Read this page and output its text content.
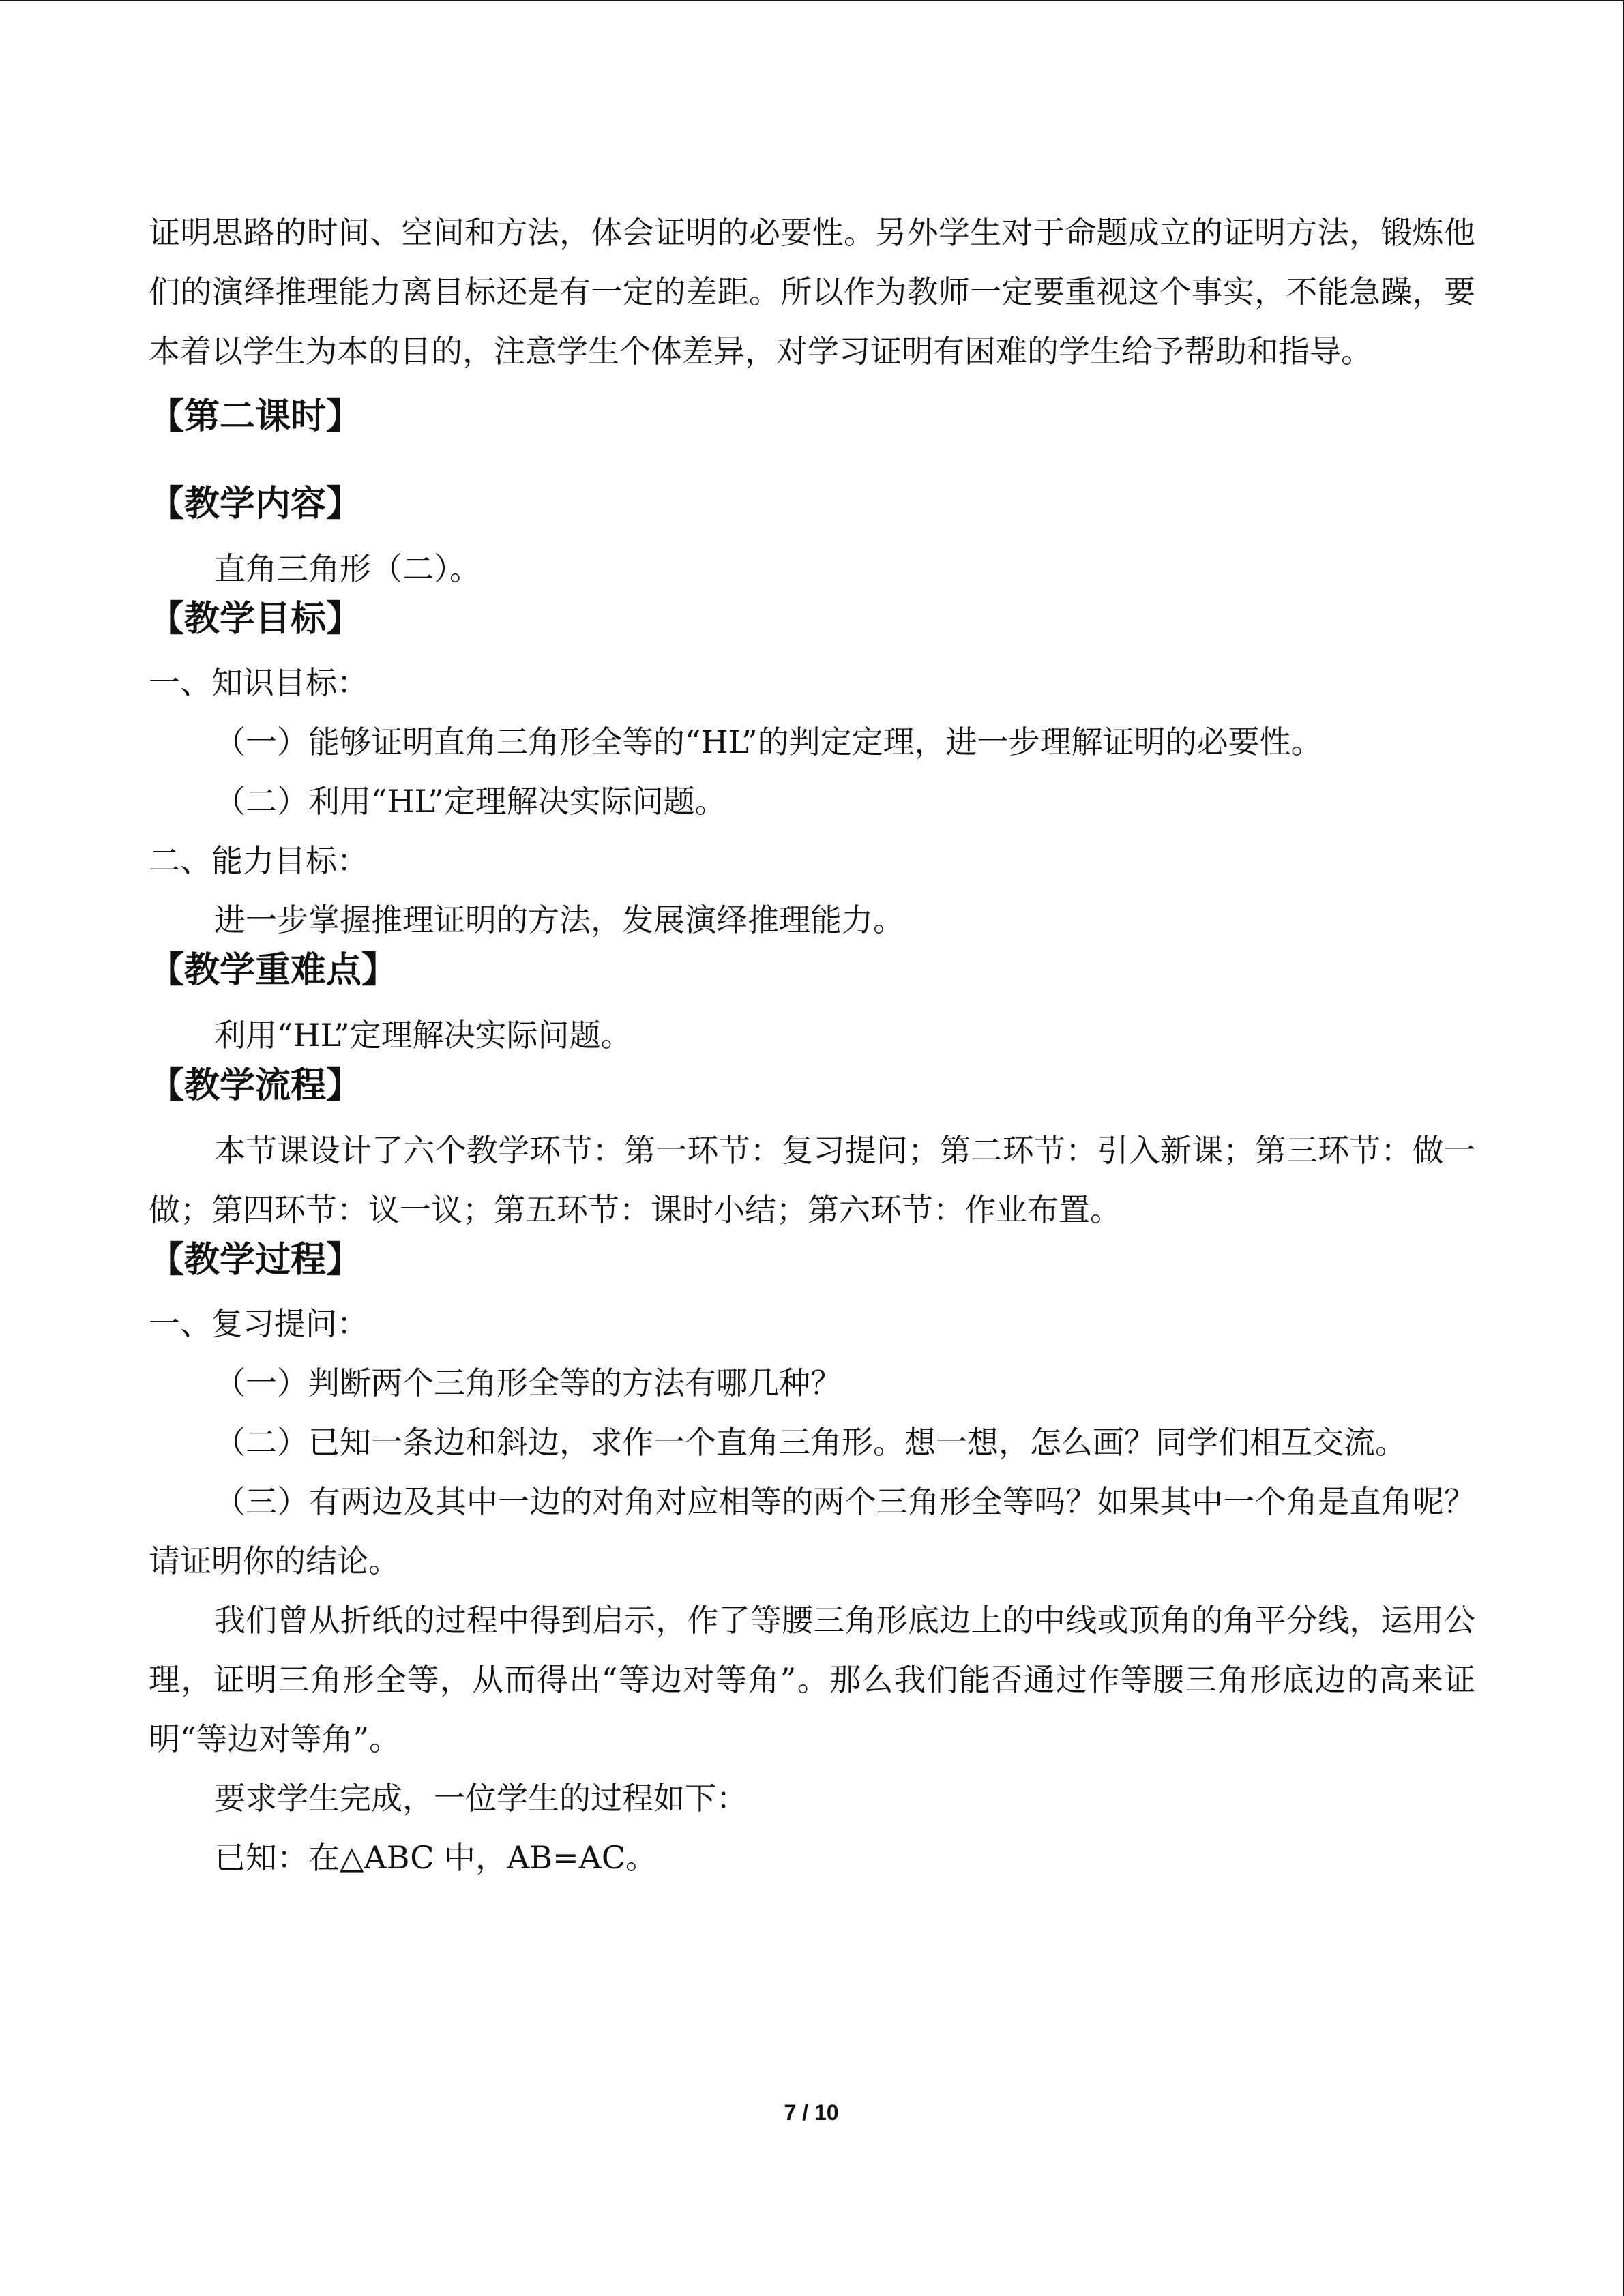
证明思路的时间、空间和方法，体会证明的必要性。另外学生对于命题成立的证明方法，锻炼他们的演绎推理能力离目标还是有一定的差距。所以作为教师一定要重视这个事实，不能急躁，要本着以学生为本的目的，注意学生个体差异，对学习证明有困难的学生给予帮助和指导。

【第二课时】

【教学内容】

直角三角形（二）。

【教学目标】

一、知识目标：

（一）能够证明直角三角形全等的“HL”的判定定理，进一步理解证明的必要性。

（二）利用“HL”定理解决实际问题。

二、能力目标：

进一步掌握推理证明的方法，发展演绎推理能力。

【教学重难点】

利用“HL”定理解决实际问题。

【教学流程】

本节课设计了六个教学环节：第一环节：复习提问；第二环节：引入新课；第三环节：做一做；第四环节：议一议；第五环节：课时小结；第六环节：作业布置。

【教学过程】

一、复习提问：

（一）判断两个三角形全等的方法有哪几种？

（二）已知一条边和斜边，求作一个直角三角形。想一想，怎么画？同学们相互交流。

（三）有两边及其中一边的对角对应相等的两个三角形全等吗？如果其中一个角是直角呢？请证明你的结论。

我们曾从折纸的过程中得到启示，作了等腰三角形底边上的中线或顶角的角平分线，运用公理，证明三角形全等，从而得出“等边对等角”。那么我们能否通过作等腰三角形底边的高来证明“等边对等角”。

要求学生完成，一位学生的过程如下：

已知：在△ABC 中，AB=AC。

7 / 10
